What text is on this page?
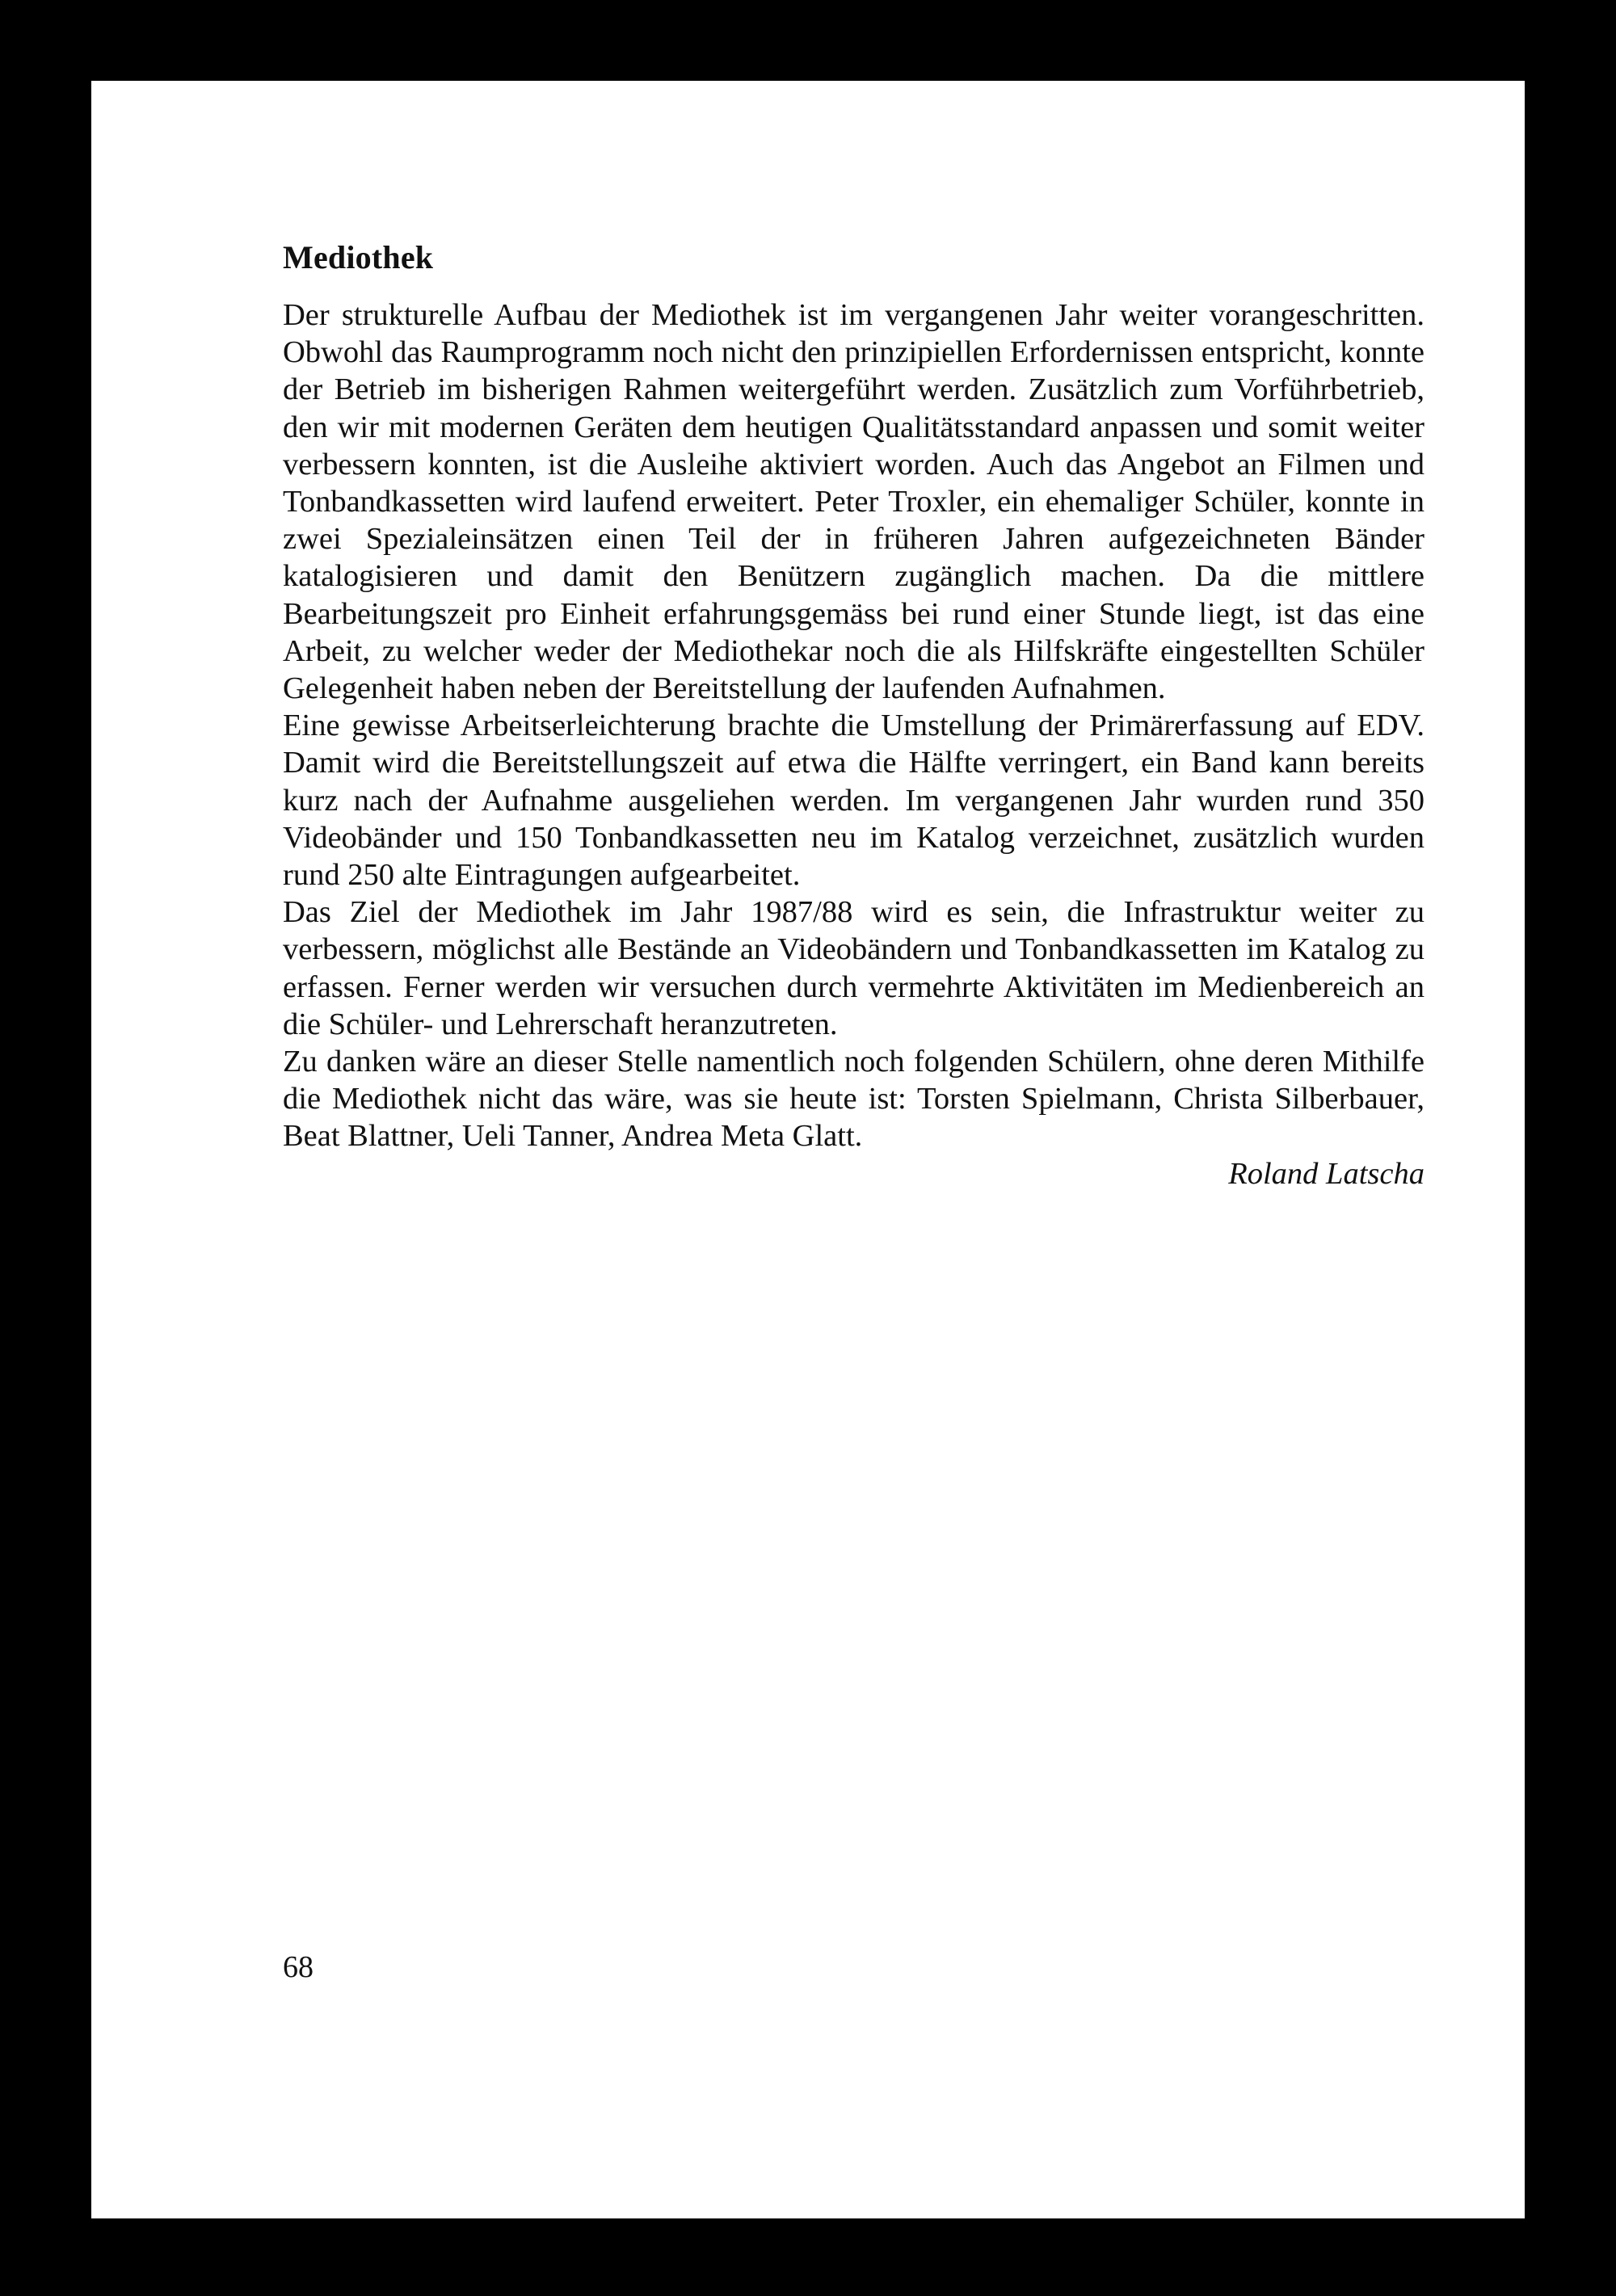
Mediothek

Der strukturelle Aufbau der Mediothek ist im vergangenen Jahr weiter vorangeschritten. Obwohl das Raumprogramm noch nicht den prinzipiellen Erfordernissen entspricht, konnte der Betrieb im bisherigen Rahmen weitergeführt werden. Zusätzlich zum Vorführbetrieb, den wir mit modernen Geräten dem heutigen Qualitätsstandard anpassen und somit weiter verbessern konnten, ist die Ausleihe aktiviert worden. Auch das Angebot an Filmen und Tonbandkassetten wird laufend erweitert. Peter Troxler, ein ehemaliger Schüler, konnte in zwei Spezialeinsätzen einen Teil der in früheren Jahren aufgezeichneten Bänder katalogisieren und damit den Benützern zugänglich machen. Da die mittlere Bearbeitungszeit pro Einheit erfahrungsgemäss bei rund einer Stunde liegt, ist das eine Arbeit, zu welcher weder der Mediothekar noch die als Hilfskräfte eingestellten Schüler Gelegenheit haben neben der Bereitstellung der laufenden Aufnahmen.

Eine gewisse Arbeitserleichterung brachte die Umstellung der Primärerfassung auf EDV. Damit wird die Bereitstellungszeit auf etwa die Hälfte verringert, ein Band kann bereits kurz nach der Aufnahme ausgeliehen werden. Im vergangenen Jahr wurden rund 350 Videobänder und 150 Tonbandkassetten neu im Katalog verzeichnet, zusätzlich wurden rund 250 alte Eintragungen aufgearbeitet.

Das Ziel der Mediothek im Jahr 1987/88 wird es sein, die Infrastruktur weiter zu verbessern, möglichst alle Bestände an Videobändern und Tonbandkassetten im Katalog zu erfassen. Ferner werden wir versuchen durch vermehrte Aktivitäten im Medienbereich an die Schüler- und Lehrerschaft heranzutreten.

Zu danken wäre an dieser Stelle namentlich noch folgenden Schülern, ohne deren Mithilfe die Mediothek nicht das wäre, was sie heute ist: Torsten Spielmann, Christa Silberbauer, Beat Blattner, Ueli Tanner, Andrea Meta Glatt.

Roland Latscha

68
